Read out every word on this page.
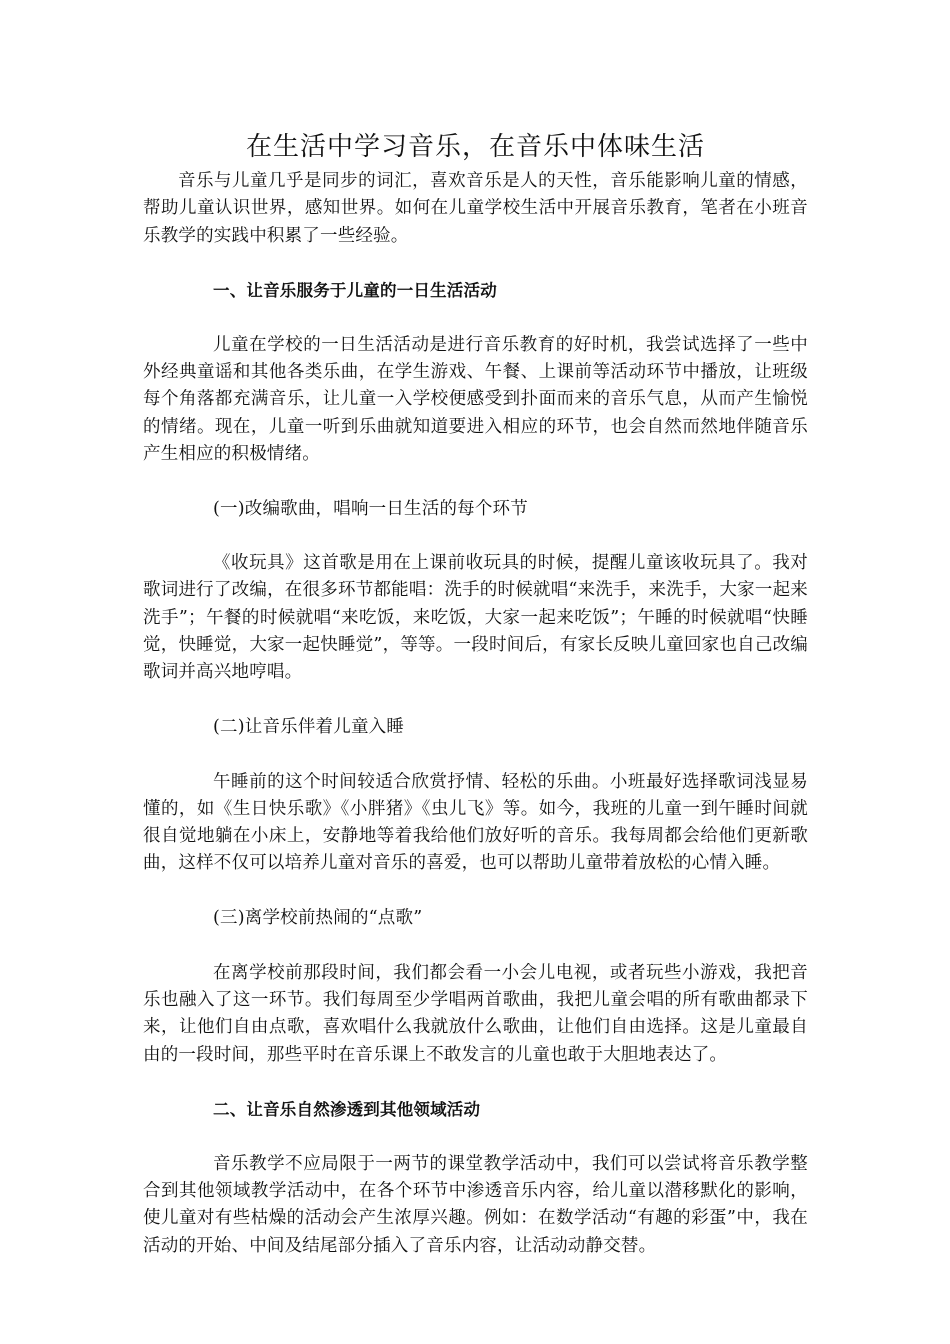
在生活中学习音乐，在音乐中体味生活

音乐与儿童几乎是同步的词汇，喜欢音乐是人的天性，音乐能影响儿童的情感，帮助儿童认识世界，感知世界。如何在儿童学校生活中开展音乐教育，笔者在小班音乐教学的实践中积累了一些经验。

一、让音乐服务于儿童的一日生活活动

儿童在学校的一日生活活动是进行音乐教育的好时机，我尝试选择了一些中外经典童谣和其他各类乐曲，在学生游戏、午餐、上课前等活动环节中播放，让班级每个角落都充满音乐，让儿童一入学校便感受到扑面而来的音乐气息，从而产生愉悦的情绪。现在，儿童一听到乐曲就知道要进入相应的环节，也会自然而然地伴随音乐产生相应的积极情绪。

(一)改编歌曲，唱响一日生活的每个环节

《收玩具》这首歌是用在上课前收玩具的时候，提醒儿童该收玩具了。我对歌词进行了改编，在很多环节都能唱：洗手的时候就唱“来洗手，来洗手，大家一起来洗手”；午餐的时候就唱“来吃饭，来吃饭，大家一起来吃饭”；午睡的时候就唱“快睡觉，快睡觉，大家一起快睡觉”，等等。一段时间后，有家长反映儿童回家也自己改编歌词并高兴地哼唱。

(二)让音乐伴着儿童入睡

午睡前的这个时间较适合欣赏抒情、轻松的乐曲。小班最好选择歌词浅显易懂的，如《生日快乐歌》《小胖猪》《虫儿飞》等。如今，我班的儿童一到午睡时间就很自觉地躺在小床上，安静地等着我给他们放好听的音乐。我每周都会给他们更新歌曲，这样不仅可以培养儿童对音乐的喜爱，也可以帮助儿童带着放松的心情入睡。

(三)离学校前热闹的“点歌”

在离学校前那段时间，我们都会看一小会儿电视，或者玩些小游戏，我把音乐也融入了这一环节。我们每周至少学唱两首歌曲，我把儿童会唱的所有歌曲都录下来，让他们自由点歌，喜欢唱什么我就放什么歌曲，让他们自由选择。这是儿童最自由的一段时间，那些平时在音乐课上不敢发言的儿童也敢于大胆地表达了。

二、让音乐自然渗透到其他领域活动

音乐教学不应局限于一两节的课堂教学活动中，我们可以尝试将音乐教学整合到其他领域教学活动中，在各个环节中渗透音乐内容，给儿童以潜移默化的影响，使儿童对有些枯燥的活动会产生浓厚兴趣。例如：在数学活动“有趣的彩蛋”中，我在活动的开始、中间及结尾部分插入了音乐内容，让活动动静交替。
